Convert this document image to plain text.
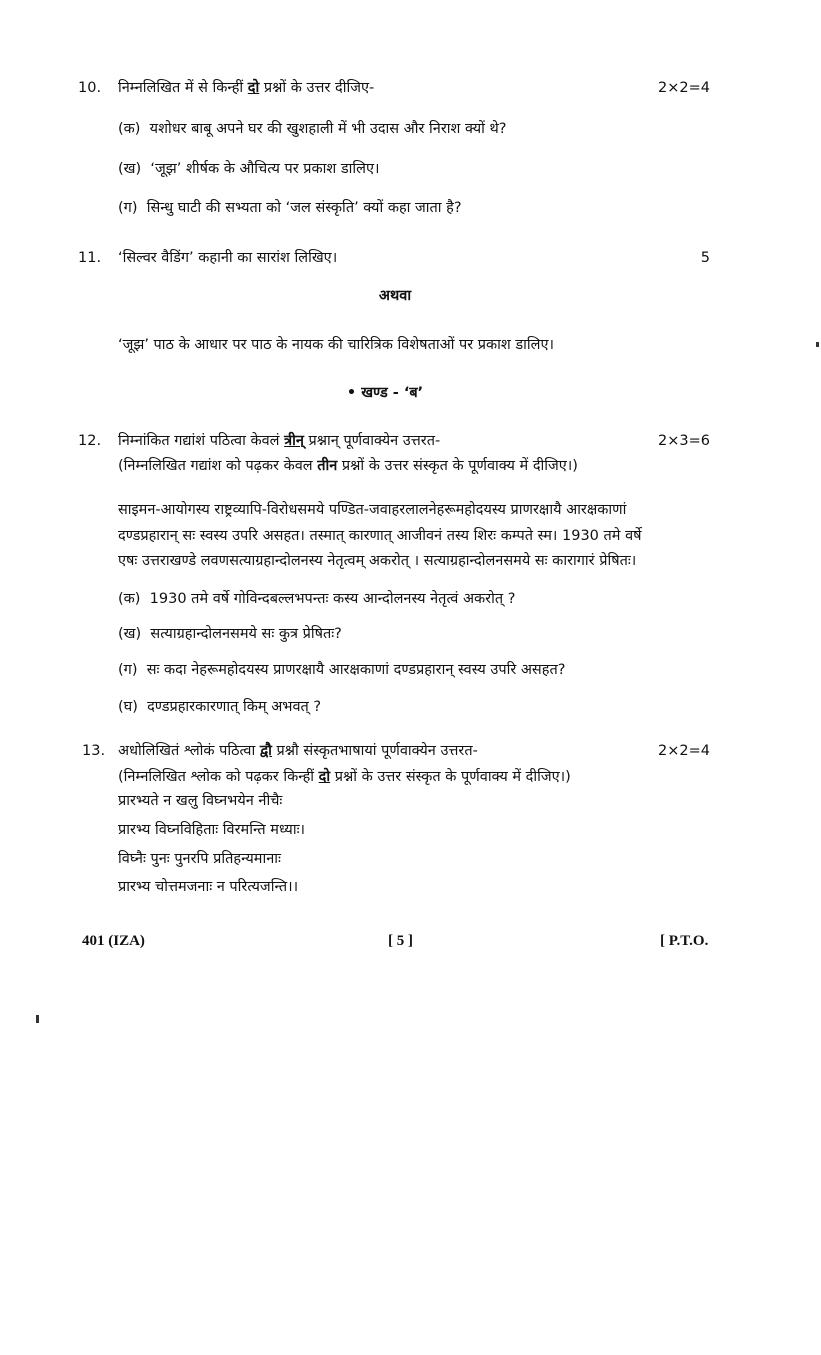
10. निम्नलिखित में से किन्हीं दो प्रश्नों के उत्तर दीजिए-	2×2=4
(क) यशोधर बाबू अपने घर की खुशहाली में भी उदास और निराश क्यों थे?
(ख) ‘जूझ’ शीर्षक के औचित्य पर प्रकाश डालिए।
(ग) सिन्धु घाटी की सभ्यता को ‘जल संस्कृति’ क्यों कहा जाता है?
11. ‘सिल्वर वैडिंग’ कहानी का सारांश लिखिए।	5
अथवा
‘जूझ’ पाठ के आधार पर पाठ के नायक की चारित्रिक विशेषताओं पर प्रकाश डालिए।
• खण्ड - ‘ब’
12. निम्नांकित गद्यांशं पठित्वा केवलं त्रीन् प्रश्नान् पूर्णवाक्येन उत्तरत-	2×3=6
(निम्नलिखित गद्यांश को पढ़कर केवल तीन प्रश्नों के उत्तर संस्कृत के पूर्णवाक्य में दीजिए।)
साइमन-आयोगस्य राष्ट्रव्यापि-विरोधसमये पण्डित-जवाहरलालनेहरूमहोदयस्य प्राणरक्षायै आरक्षकाणां
दण्डप्रहारान् सः स्वस्य उपरि असहत। तस्मात् कारणात् आजीवनं तस्य शिरः कम्पते स्म। 1930 तमे वर्षे
एषः उत्तराखण्डे लवणसत्याग्रहान्दोलनस्य नेतृत्वम् अकरोत् । सत्याग्रहान्दोलनसमये सः कारागारं प्रेषितः।
(क) 1930 तमे वर्षे गोविन्दबल्लभपन्तः कस्य आन्दोलनस्य नेतृत्वं अकरोत् ?
(ख) सत्याग्रहान्दोलनसमये सः कुत्र प्रेषितः?
(ग) सः कदा नेहरूमहोदयस्य प्राणरक्षायै आरक्षकाणां दण्डप्रहारान् स्वस्य उपरि असहत?
(घ) दण्डप्रहारकारणात् किम् अभवत् ?
13. अधोलिखितं श्लोकं पठित्वा द्वौ प्रश्नौ संस्कृतभाषायां पूर्णवाक्येन उत्तरत-	2×2=4
(निम्नलिखित श्लोक को पढ़कर किन्हीं दो प्रश्नों के उत्तर संस्कृत के पूर्णवाक्य में दीजिए।)
प्रारभ्यते न खलु विघ्नभयेन नीचैः
प्रारभ्य विघ्नविहिताः विरमन्ति मध्याः।
विघ्नैः पुनः पुनरपि प्रतिहन्यमानाः
प्रारभ्य चोत्तमजनाः न परित्यजन्ति।।
401 (IZA)	[ 5 ]	[ P.T.O.
